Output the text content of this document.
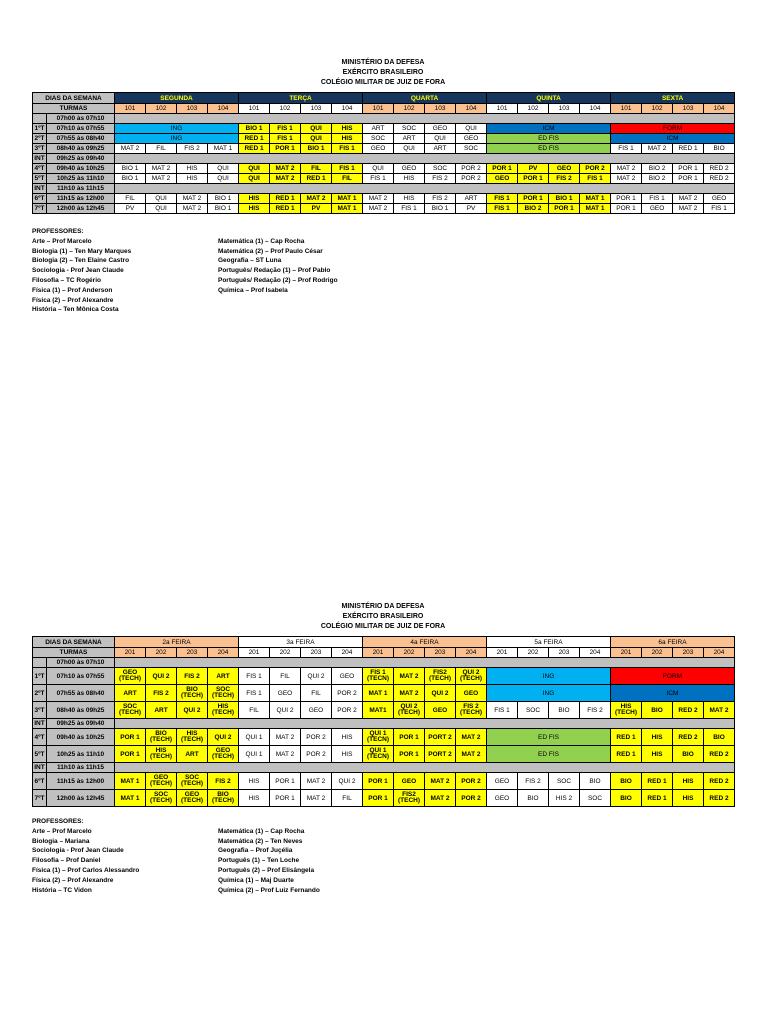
MINISTÉRIO DA DEFESA
EXÉRCITO BRASILEIRO
COLÉGIO MILITAR DE JUIZ DE FORA
DIAS DA SEMANA		SEGUNDA				TERÇA				QUARTA				QUINTA				SEXTA			
TURMAS		101	102	103	104	101	102	103	104	101	102	103	104	101	102	103	104	101	102	103	104
	07h00 às 07h10																				
1ºT	07h10 às 07h55	ING				BIO 1	FIS 1	QUI	HIS	ART	SOC	GEO	QUI	ICM				FORM			
2ºT	07h55 às 08h40	ING				RED 1	FIS 1	QUI	HIS	SOC	ART	QUI	GEO	ED FIS				ICM			
3ºT	08h40 às 09h25	MAT 2	FIL	FIS 2	MAT 1	RED 1	POR 1	BIO 1	FIS 1	GEO	QUI	ART	SOC	ED FIS				FIS 1	MAT 2	RED 1	BIO
INT	09h25 às 09h40																				
4ºT	09h40 às 10h25	BIO 1	MAT 2	HIS	QUI	QUI	MAT 2	FIL	FIS 1	QUI	GEO	SOC	POR 2	POR 1	PV	GEO	POR 2	MAT 2	BIO 2	POR 1	RED 2
5ºT	10h25 às 11h10	BIO 1	MAT 2	HIS	QUI	QUI	MAT 2	RED 1	FIL	FIS 1	HIS	FIS 2	POR 2	GEO	POR 1	FIS 2	FIS 1	MAT 2	BIO 2	POR 1	RED 2
INT	11h10 às 11h15																				
6ºT	11h15 às 12h00	FIL	QUI	MAT 2	BIO 1	HIS	RED 1	MAT 2	MAT 1	MAT 2	HIS	FIS 2	ART	FIS 1	POR 1	BIO 1	MAT 1	POR 1	FIS 1	MAT 2	GEO
7ºT	12h00 às 12h45	PV	QUI	MAT 2	BIO 1	HIS	RED 1	PV	MAT 1	MAT 2	FIS 1	BIO 1	PV	FIS 1	BIO 2	POR 1	MAT 1	POR 1	GEO	MAT 2	FIS 1
PROFESSORES:
Arte – Prof Marcelo
Biologia (1) – Ten Mary Marques
Biologia (2) – Ten Elaine Castro
Sociologia - Prof Jean Claude
Filosofia – TC Rogério
Física (1) – Prof Anderson
Física (2) – Prof Alexandre
História – Ten Mônica Costa
Matemática (1) – Cap Rocha
Matemática (2) – Prof Paulo César
Geografia – ST Luna
Português/ Redação (1) – Prof Pablo
Português/ Redação (2) – Prof Rodrigo
Química – Prof Isabela
MINISTÉRIO DA DEFESA
EXÉRCITO BRASILEIRO
COLÉGIO MILITAR DE JUIZ DE FORA
DIAS DA SEMANA		2a FEIRA				3a FEIRA				4a FEIRA				5a FEIRA				6a FEIRA			
TURMAS		201	202	203	204	201	202	203	204	201	202	203	204	201	202	203	204	201	202	203	204
	07h00 às 07h10																				
1ºT	07h10 às 07h55	GEO (TECH)	QUI 2	FIS 2	ART	FIS 1	FIL	QUI 2	GEO	FIS 1 (TECN)	MAT 2	FIS2 (TECH)	QUI 2 (TECH)	ING				FORM			
2ºT	07h55 às 08h40	ART	FIS 2	BIO (TECH)	SOC (TECH)	FIS 1	GEO	FIL	POR 2	MAT 1	MAT 2	QUI 2	GEO	ING				ICM			
3ºT	08h40 às 09h25	SOC (TECH)	ART	QUI 2	HIS (TECH)	FIL	QUI 2	GEO	POR 2	MAT1	QUI 2 (TECH)	GEO	FIS 2 (TECH)	FIS 1	SOC	BIO	FIS 2	HIS (TECH)	BIO	RED 2	MAT 2
INT	09h25 às 09h40																				
4ºT	09h40 às 10h25	POR 1	BIO (TECH)	HIS (TECH)	QUI 2	QUI 1	MAT 2	POR 2	HIS	QUI 1 (TECN)	POR 1	PORT 2	MAT 2	ED FIS				RED 1	HIS	RED 2	BIO
5ºT	10h25 às 11h10	POR 1	HIS (TECH)	ART	GEO (TECH)	QUI 1	MAT 2	POR 2	HIS	QUI 1 (TECN)	POR 1	PORT 2	MAT 2	ED FIS				RED 1	HIS	BIO	RED 2
INT	11h10 às 11h15																				
6ºT	11h15 às 12h00	MAT 1	GEO (TECH)	SOC (TECH)	FIS 2	HIS	POR 1	MAT 2	QUI 2	POR 1	GEO	MAT 2	POR 2	GEO	FIS 2	SOC	BIO	BIO	RED 1	HIS	RED 2
7ºT	12h00 às 12h45	MAT 1	SOC (TECH)	GEO (TECH)	BIO (TECH)	HIS	POR 1	MAT 2	FIL	POR 1	FIS2 (TECH)	MAT 2	POR 2	GEO	BIO	HIS 2	SOC	BIO	RED 1	HIS	RED 2
PROFESSORES:
Arte – Prof Marcelo
Biologia – Mariana
Sociologia - Prof Jean Claude
Filosofia – Prof Daniel
Física (1) – Prof Carlos Alessandro
Física (2) – Prof Alexandre
História – TC Vidon
Matemática (1) – Cap Rocha
Matemática (2) – Ten Neves
Geografia – Prof Juçélia
Português (1) – Ten Loche
Português (2) – Prof Elisângela
Química (1) – Maj Duarte
Química (2) – Prof Luiz Fernando
